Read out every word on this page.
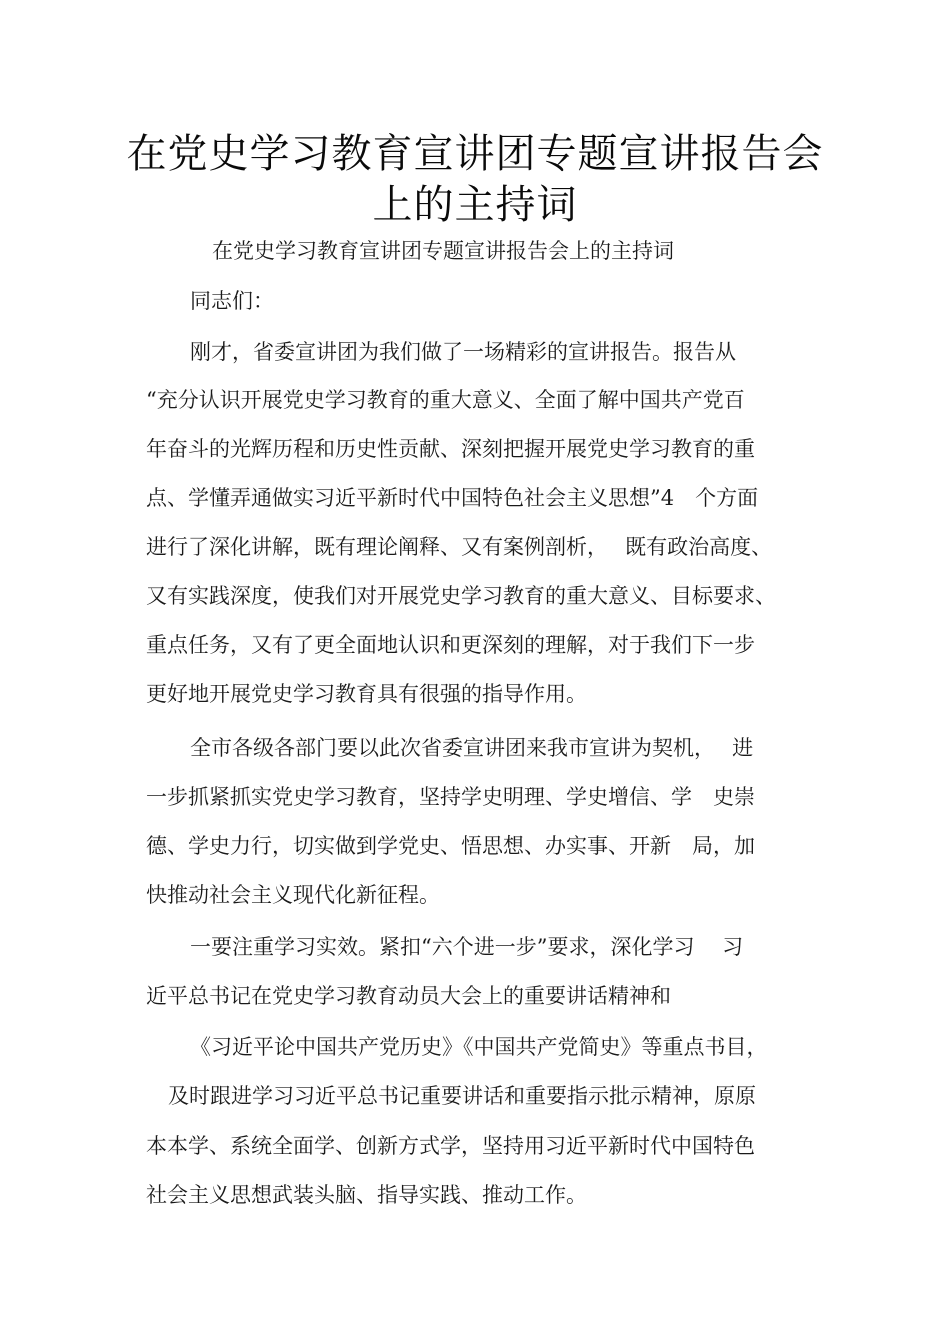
在党史学习教育宣讲团专题宣讲报告会
上的主持词
在党史学习教育宣讲团专题宣讲报告会上的主持词
同志们：
刚才，省委宣讲团为我们做了一场精彩的宣讲报告。报告从
“充分认识开展党史学习教育的重大意义、全面了解中国共产党百
年奋斗的光辉历程和历史性贡献、深刻把握开展党史学习教育的重
点、学懂弄通做实习近平新时代中国特色社会主义思想”4　个方面
进行了深化讲解，既有理论阐释、又有案例剖析，　 既有政治高度、
又有实践深度，使我们对开展党史学习教育的重大意义、目标要求、
重点任务，又有了更全面地认识和更深刻的理解，对于我们下一步
更好地开展党史学习教育具有很强的指导作用。
全市各级各部门要以此次省委宣讲团来我市宣讲为契机，　 进
一步抓紧抓实党史学习教育，坚持学史明理、学史增信、学　史崇
德、学史力行，切实做到学党史、悟思想、办实事、开新　局，加
快推动社会主义现代化新征程。
一要注重学习实效。紧扣“六个进一步”要求，深化学习　 习
近平总书记在党史学习教育动员大会上的重要讲话精神和
《习近平论中国共产党历史》《中国共产党简史》等重点书目，
及时跟进学习习近平总书记重要讲话和重要指示批示精神，原原
本本学、系统全面学、创新方式学，坚持用习近平新时代中国特色
社会主义思想武装头脑、指导实践、推动工作。
